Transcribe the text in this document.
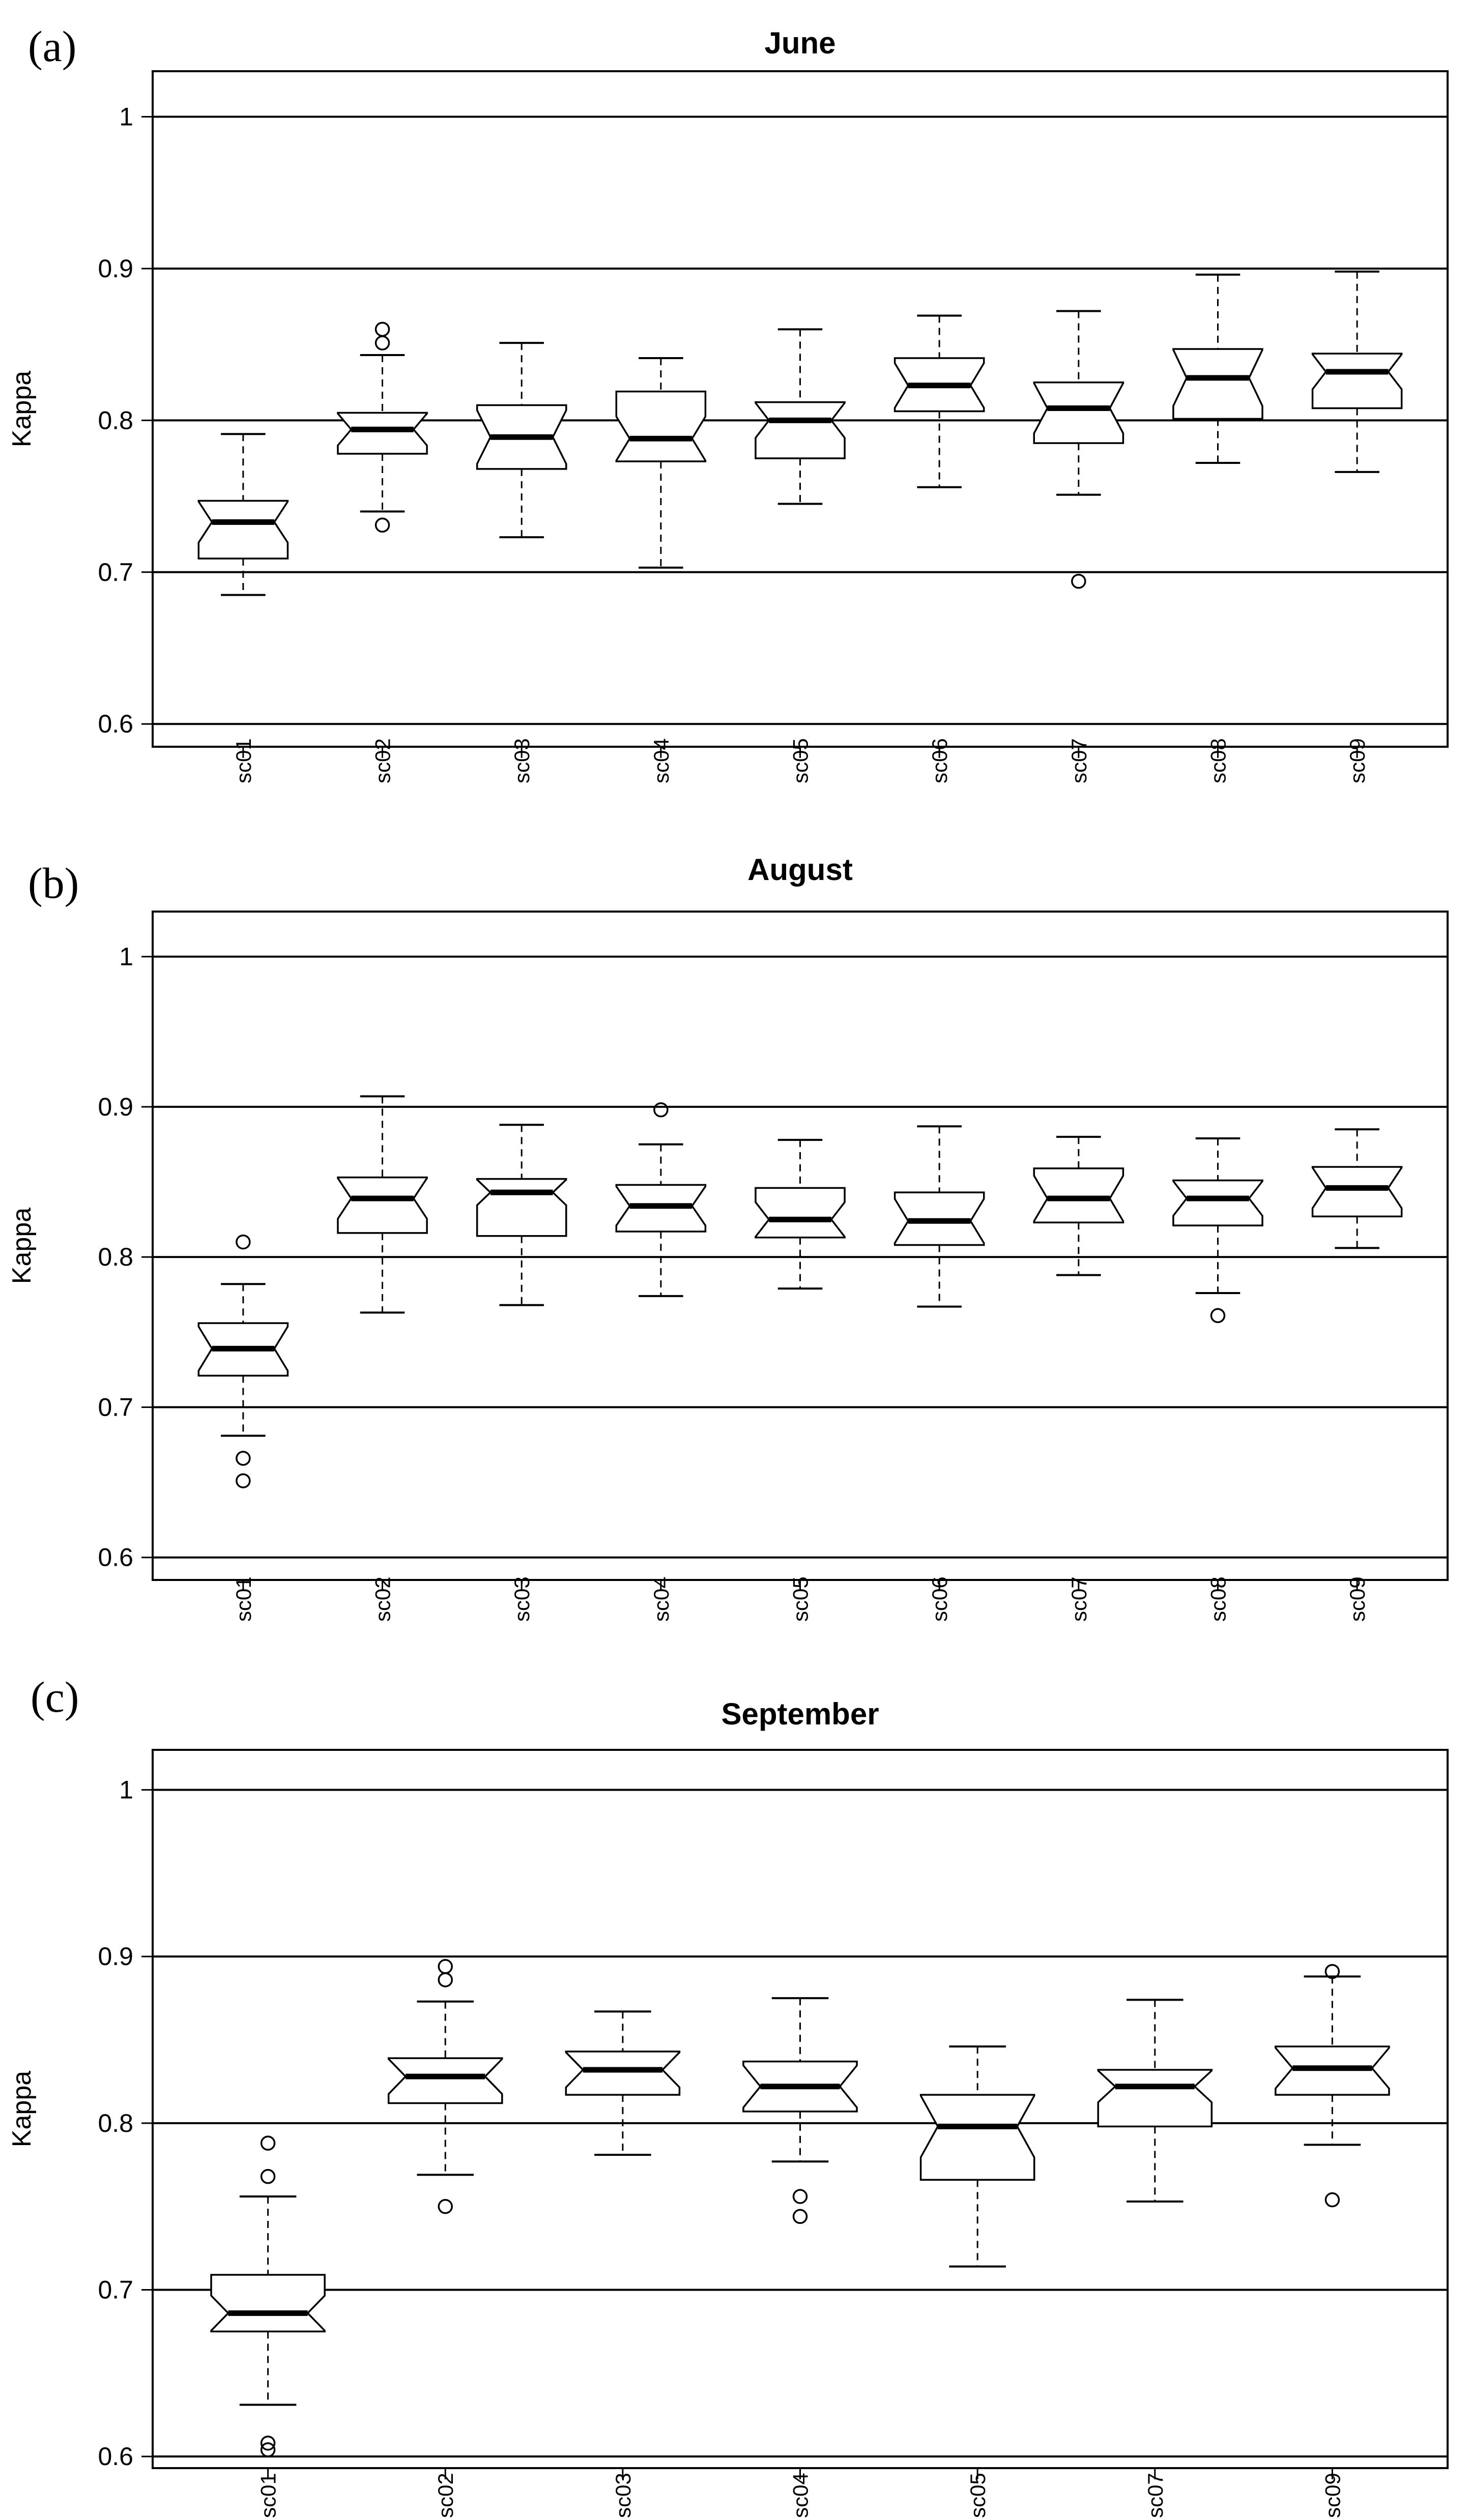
(a)	June
Kappa
0.6
0.7
0.8
0.9
1
sc01	sc02	sc03	sc04	sc05	sc06	sc07	sc08	sc09
(b)	August
Kappa
0.6
0.7
0.8
0.9
1
sc01	sc02	sc03	sc04	sc05	sc06	sc07	sc08	sc09
(c)	September
Kappa
0.6
0.7
0.8
0.9
1
sc01	sc02	sc03	sc04	sc05	sc07	sc09
